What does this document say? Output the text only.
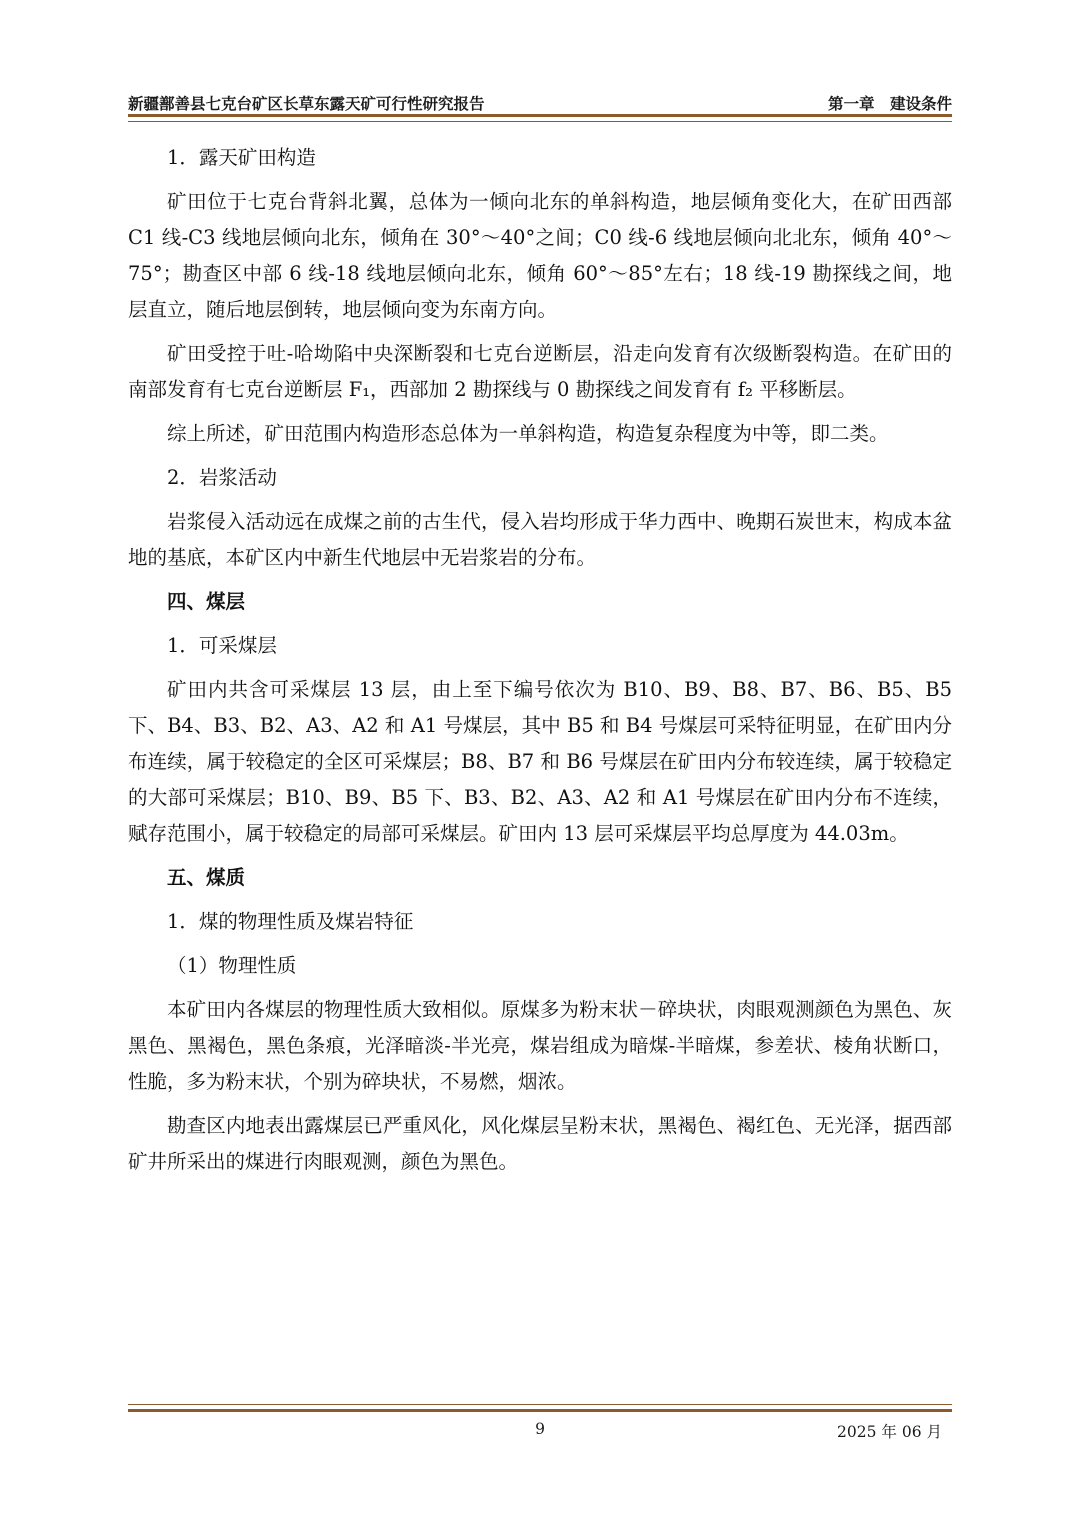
新疆鄯善县七克台矿区长草东露天矿可行性研究报告	第一章　建设条件

1．露天矿田构造

矿田位于七克台背斜北翼，总体为一倾向北东的单斜构造，地层倾角变化大，在矿田西部 C1 线-C3 线地层倾向北东，倾角在 30°～40°之间；C0 线-6 线地层倾向北北东，倾角 40°～75°；勘查区中部 6 线-18 线地层倾向北东，倾角 60°～85°左右；18 线-19 勘探线之间，地层直立，随后地层倒转，地层倾向变为东南方向。

矿田受控于吐-哈坳陷中央深断裂和七克台逆断层，沿走向发育有次级断裂构造。在矿田的南部发育有七克台逆断层 F₁，西部加 2 勘探线与 0 勘探线之间发育有 f₂ 平移断层。

综上所述，矿田范围内构造形态总体为一单斜构造，构造复杂程度为中等，即二类。

2．岩浆活动

岩浆侵入活动远在成煤之前的古生代，侵入岩均形成于华力西中、晚期石炭世末，构成本盆地的基底，本矿区内中新生代地层中无岩浆岩的分布。

四、煤层

1．可采煤层

矿田内共含可采煤层 13 层，由上至下编号依次为 B10、B9、B8、B7、B6、B5、B5 下、B4、B3、B2、A3、A2 和 A1 号煤层，其中 B5 和 B4 号煤层可采特征明显，在矿田内分布连续，属于较稳定的全区可采煤层；B8、B7 和 B6 号煤层在矿田内分布较连续，属于较稳定的大部可采煤层；B10、B9、B5 下、B3、B2、A3、A2 和 A1 号煤层在矿田内分布不连续，赋存范围小，属于较稳定的局部可采煤层。矿田内 13 层可采煤层平均总厚度为 44.03m。

五、煤质

1．煤的物理性质及煤岩特征

（1）物理性质

本矿田内各煤层的物理性质大致相似。原煤多为粉末状－碎块状，肉眼观测颜色为黑色、灰黑色、黑褐色，黑色条痕，光泽暗淡-半光亮，煤岩组成为暗煤-半暗煤，参差状、棱角状断口，性脆，多为粉末状，个别为碎块状，不易燃，烟浓。

勘查区内地表出露煤层已严重风化，风化煤层呈粉末状，黑褐色、褐红色、无光泽，据西部矿井所采出的煤进行肉眼观测，颜色为黑色。

9	2025 年 06 月
